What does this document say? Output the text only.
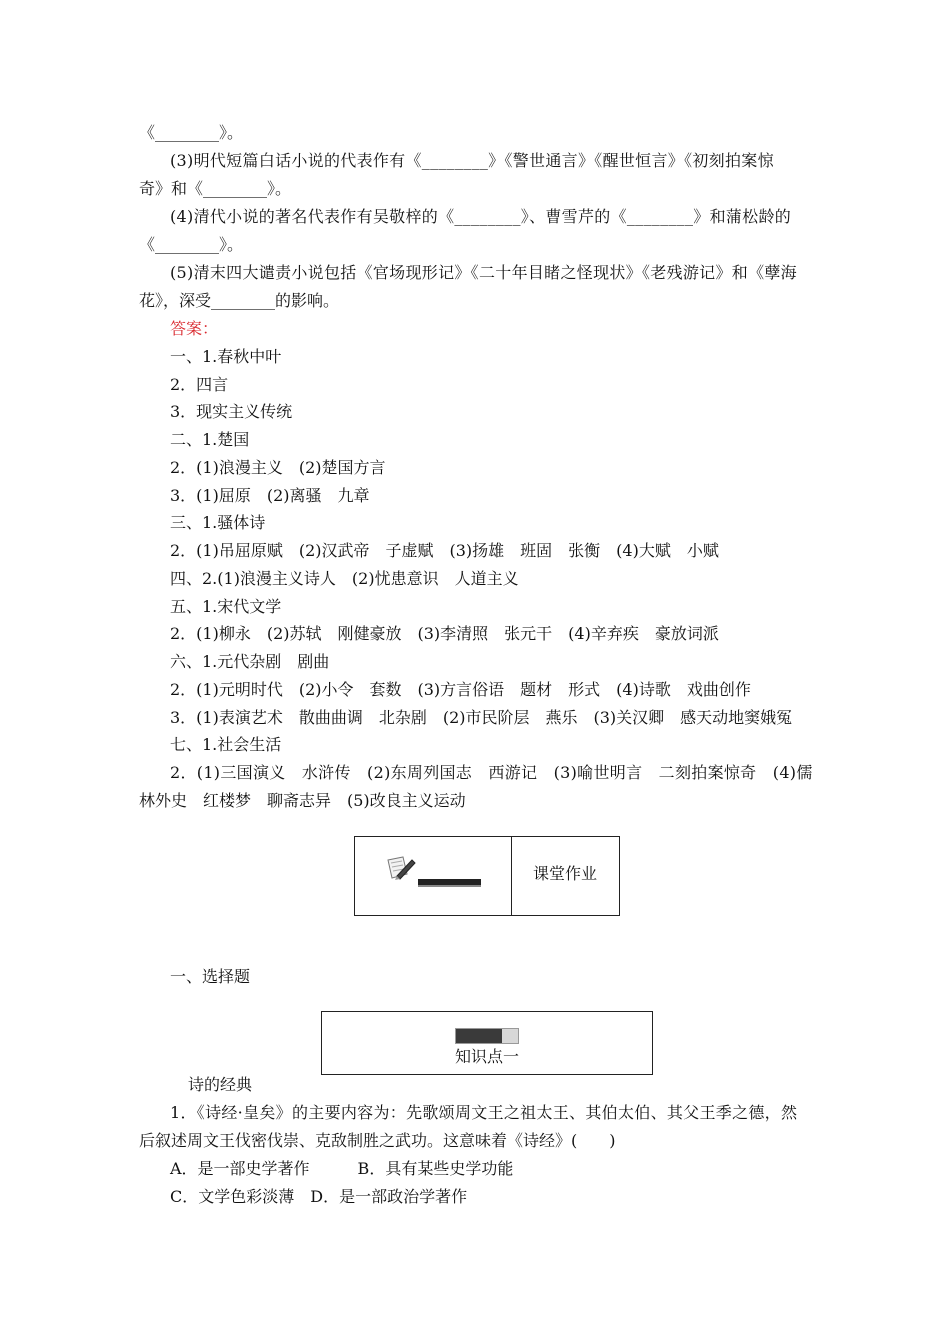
《________》。
(3)明代短篇白话小说的代表作有《________》《警世通言》《醒世恒言》《初刻拍案惊
奇》和《________》。
(4)清代小说的著名代表作有吴敬梓的《________》、曹雪芹的《________》和蒲松龄的
《________》。
(5)清末四大谴责小说包括《官场现形记》《二十年目睹之怪现状》《老残游记》和《孽海
花》，深受________的影响。
答案：
一、1.春秋中叶
2．四言
3．现实主义传统
二、1.楚国
2．(1)浪漫主义　(2)楚国方言
3．(1)屈原　(2)离骚　九章
三、1.骚体诗
2．(1)吊屈原赋　(2)汉武帝　子虚赋　(3)扬雄　班固　张衡　(4)大赋　小赋
四、2.(1)浪漫主义诗人　(2)忧患意识　人道主义
五、1.宋代文学
2．(1)柳永　(2)苏轼　刚健豪放　(3)李清照　张元干　(4)辛弃疾　豪放词派
六、1.元代杂剧　剧曲
2．(1)元明时代　(2)小令　套数　(3)方言俗语　题材　形式　(4)诗歌　戏曲创作
3．(1)表演艺术　散曲曲调　北杂剧　(2)市民阶层　燕乐　(3)关汉卿　感天动地窦娥冤
七、1.社会生活
2．(1)三国演义　水浒传　(2)东周列国志　西游记　(3)喻世明言　二刻拍案惊奇　(4)儒
林外史　红楼梦　聊斋志异　(5)改良主义运动
课堂作业
一、选择题
知识点一
诗的经典
1．《诗经·皇矣》的主要内容为：先歌颂周文王之祖太王、其伯太伯、其父王季之德，然
后叙述周文王伐密伐崇、克敌制胜之武功。这意味着《诗经》(　　)
A．是一部史学著作　　　B．具有某些史学功能
C．文学色彩淡薄　D．是一部政治学著作
